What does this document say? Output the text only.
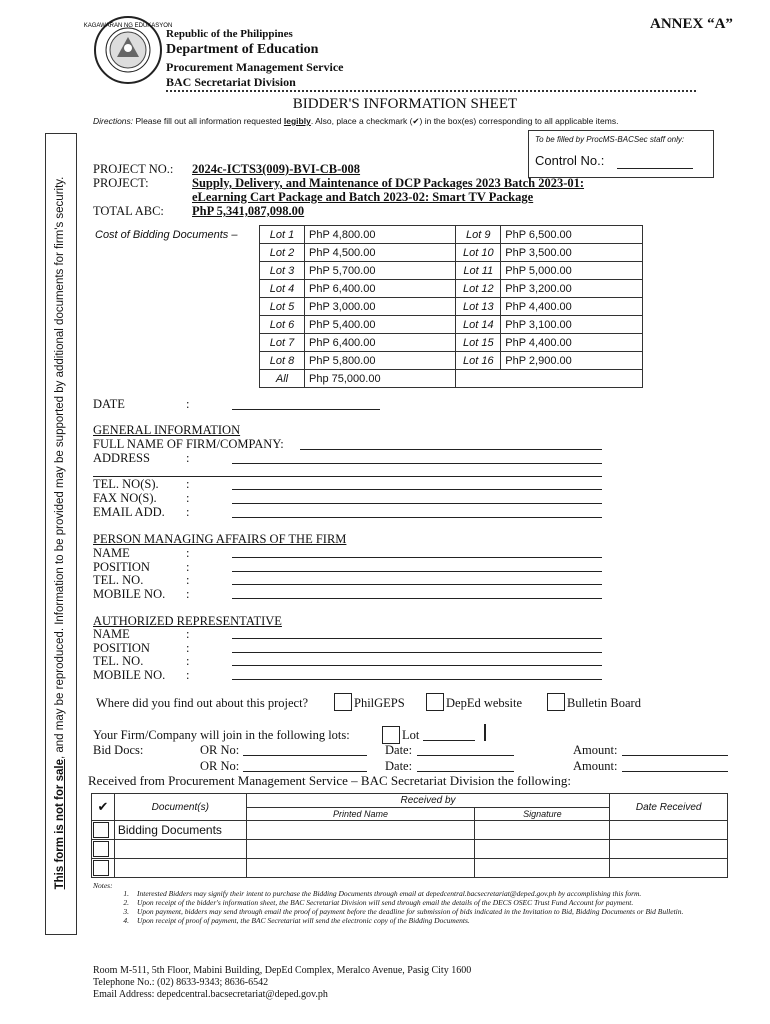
ANNEX “A”
KAGAWARAN NG EDUKASYON
Republic of the Philippines
Department of Education
Procurement Management Service
BAC Secretariat Division
BIDDER'S INFORMATION SHEET
Directions: Please fill out all information requested legibly. Also, place a checkmark (✔) in the box(es) corresponding to all applicable items.
To be filled by ProcMS-BACSec staff only:
Control No.:
This form is not for sale, and may be reproduced. Information to be provided may be supported by additional documents for firm's security.
PROJECT NO.: 2024c-ICTS3(009)-BVI-CB-008
PROJECT:	Supply, Delivery, and Maintenance of DCP Packages 2023 Batch 2023-01:
eLearning Cart Package and Batch 2023-02: Smart TV Package
TOTAL ABC: PhP 5,341,087,098.00
Cost of Bidding Documents –	Lot 1	PhP 4,800.00	Lot 9	PhP 6,500.00
Lot 2	PhP 4,500.00	Lot 10	PhP 3,500.00
Lot 3	PhP 5,700.00	Lot 11	PhP 5,000.00
Lot 4	PhP 6,400.00	Lot 12	PhP 3,200.00
Lot 5	PhP 3,000.00	Lot 13	PhP 4,400.00
Lot 6	PhP 5,400.00	Lot 14	PhP 3,100.00
Lot 7	PhP 6,400.00	Lot 15	PhP 4,400.00
Lot 8	PhP 5,800.00	Lot 16	PhP 2,900.00
All	Php 75,000.00		
DATE	:
GENERAL INFORMATION
FULL NAME OF FIRM/COMPANY:
ADDRESS	:
TEL. NO(S). :
FAX NO(S). :
EMAIL ADD. :
PERSON MANAGING AFFAIRS OF THE FIRM
NAME	:
POSITION	:
TEL. NO.	:
MOBILE NO. :
AUTHORIZED REPRESENTATIVE
NAME	:
POSITION	:
TEL. NO.	:
MOBILE NO. :
Where did you find out about this project?	PhilGEPS	DepEd website	Bulletin Board
Your Firm/Company will join in the following lots:	Lot
Bid Docs:	OR No:	Date:	Amount:
OR No:	Date:	Amount:
Received from Procurement Management Service – BAC Secretariat Division the following:
✔	Document(s)	Received by		Date Received
		Printed Name	Signature	

	Bidding Documents			

Notes:
1.	Interested Bidders may signify their intent to purchase the Bidding Documents through email at depedcentral.bacsecretariat@deped.gov.ph by accomplishing this form.
2.	Upon receipt of the bidder's information sheet, the BAC Secretariat Division will send through email the details of the DECS OSEC Trust Fund Account for payment.
3.	Upon payment, bidders may send through email the proof of payment before the deadline for submission of bids indicated in the Invitation to Bid, Bidding Documents or Bid Bulletin.
4.	Upon receipt of proof of payment, the BAC Secretariat will send the electronic copy of the Bidding Documents.
Room M-511, 5th Floor, Mabini Building, DepEd Complex, Meralco Avenue, Pasig City 1600
Telephone No.: (02) 8633-9343; 8636-6542
Email Address: depedcentral.bacsecretariat@deped.gov.ph
